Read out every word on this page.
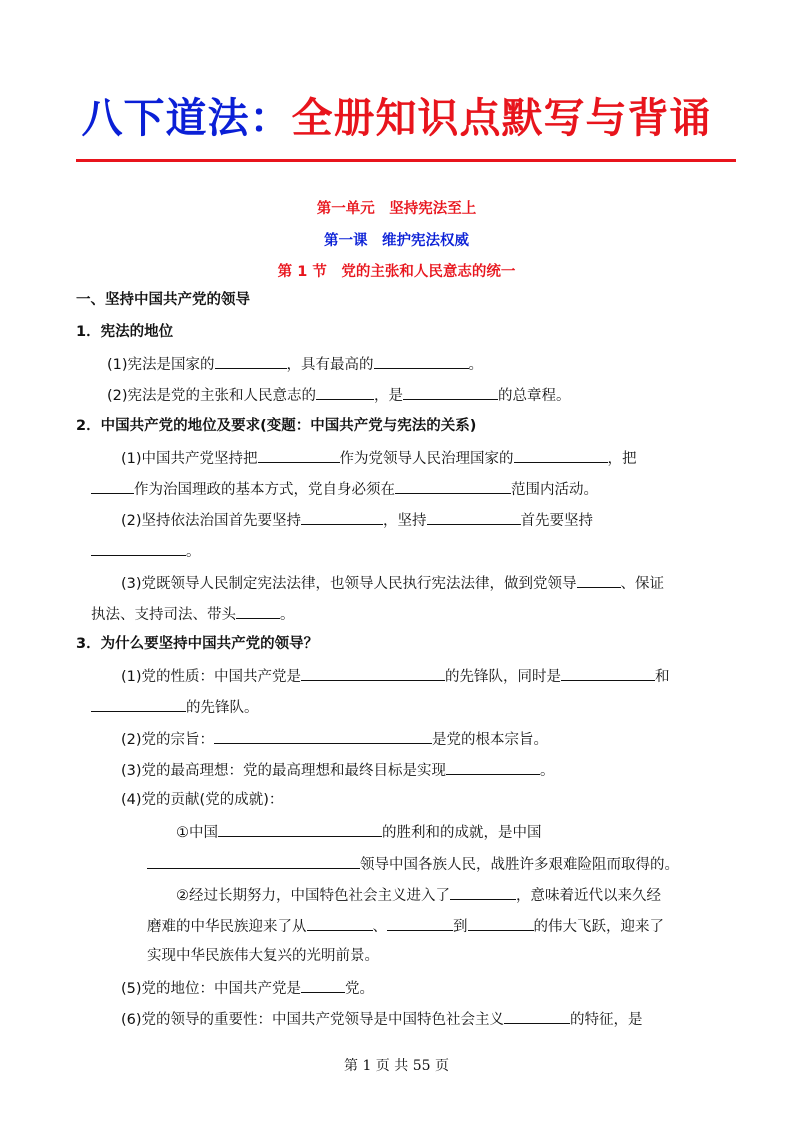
八下道法：全册知识点默写与背诵
第一单元　坚持宪法至上
第一课　维护宪法权威
第 1 节　党的主张和人民意志的统一
一、坚持中国共产党的领导
1．宪法的地位
(1)宪法是国家的	，具有最高的	。
(2)宪法是党的主张和人民意志的	，是	的总章程。
2．中国共产党的地位及要求(变题：中国共产党与宪法的关系)
(1)中国共产党坚持把	作为党领导人民治理国家的	，把
作为治国理政的基本方式，党自身必须在	范围内活动。
(2)坚持依法治国首先要坚持	，坚持	首先要坚持
。
(3)党既领导人民制定宪法法律，也领导人民执行宪法法律，做到党领导	、保证
执法、支持司法、带头	。
3．为什么要坚持中国共产党的领导？
(1)党的性质：中国共产党是	的先锋队，同时是	和
的先锋队。
(2)党的宗旨：	是党的根本宗旨。
(3)党的最高理想：党的最高理想和最终目标是实现	。
(4)党的贡献(党的成就)：
①中国	的胜利和的成就，是中国
领导中国各族人民，战胜许多艰难险阻而取得的。
②经过长期努力，中国特色社会主义进入了	，意味着近代以来久经
磨难的中华民族迎来了从	、	到	的伟大飞跃，迎来了
实现中华民族伟大复兴的光明前景。
(5)党的地位：中国共产党是	党。
(6)党的领导的重要性：中国共产党领导是中国特色社会主义	的特征，是
第 1 页 共 55 页
